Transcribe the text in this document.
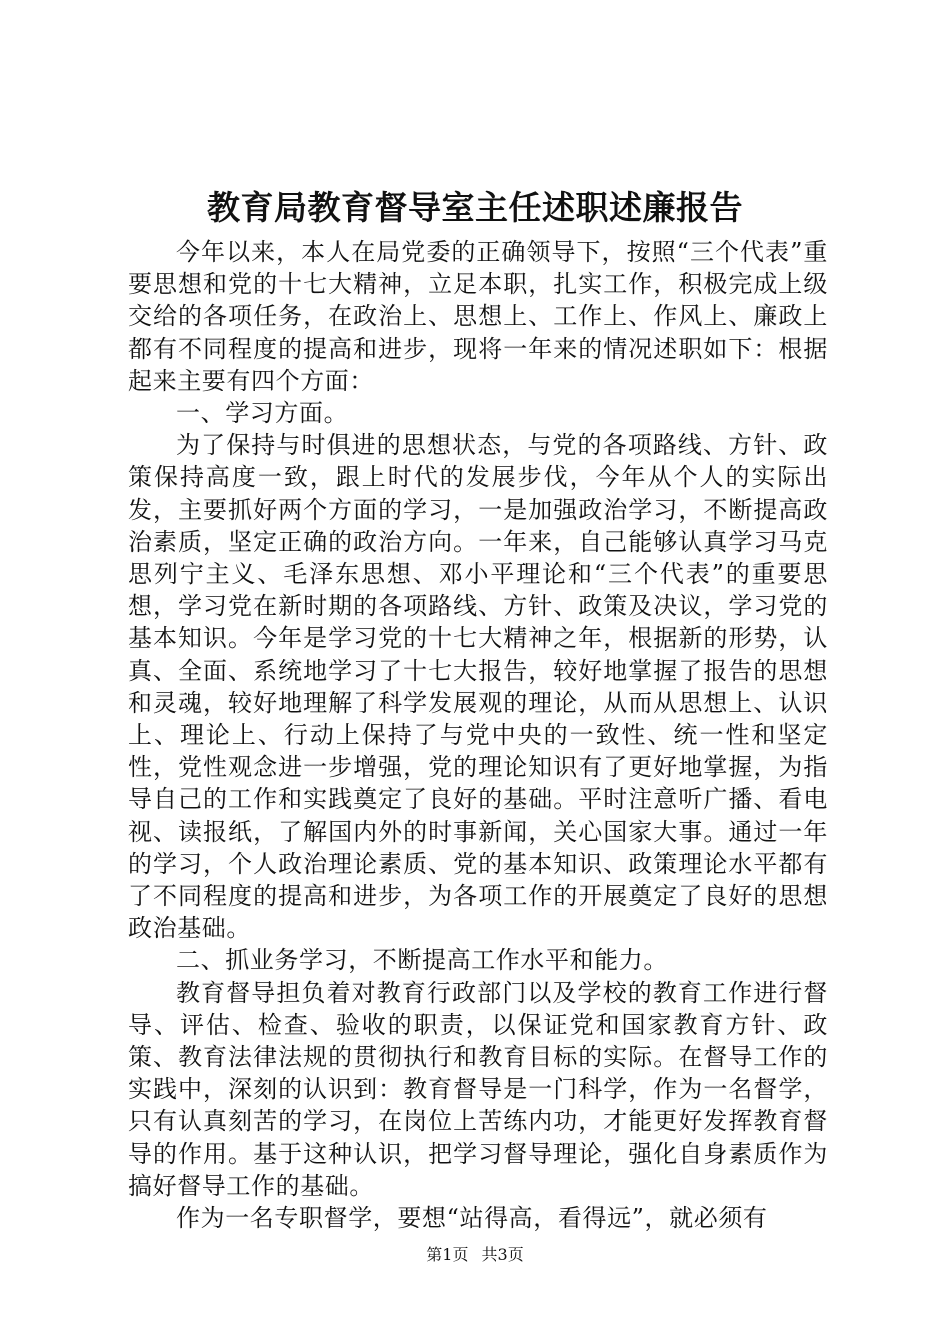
教育局教育督导室主任述职述廉报告

今年以来，本人在局党委的正确领导下，按照“三个代表”重要思想和党的十七大精神，立足本职，扎实工作，积极完成上级交给的各项任务，在政治上、思想上、工作上、作风上、廉政上都有不同程度的提高和进步，现将一年来的情况述职如下：根据起来主要有四个方面：

一、学习方面。

为了保持与时俱进的思想状态，与党的各项路线、方针、政策保持高度一致，跟上时代的发展步伐，今年从个人的实际出发，主要抓好两个方面的学习，一是加强政治学习，不断提高政治素质，坚定正确的政治方向。一年来，自己能够认真学习马克思列宁主义、毛泽东思想、邓小平理论和“三个代表”的重要思想，学习党在新时期的各项路线、方针、政策及决议，学习党的基本知识。今年是学习党的十七大精神之年，根据新的形势，认真、全面、系统地学习了十七大报告，较好地掌握了报告的思想和灵魂，较好地理解了科学发展观的理论，从而从思想上、认识上、理论上、行动上保持了与党中央的一致性、统一性和坚定性，党性观念进一步增强，党的理论知识有了更好地掌握，为指导自己的工作和实践奠定了良好的基础。平时注意听广播、看电视、读报纸，了解国内外的时事新闻，关心国家大事。通过一年的学习，个人政治理论素质、党的基本知识、政策理论水平都有了不同程度的提高和进步，为各项工作的开展奠定了良好的思想政治基础。

二、抓业务学习，不断提高工作水平和能力。

教育督导担负着对教育行政部门以及学校的教育工作进行督导、评估、检查、验收的职责，以保证党和国家教育方针、政策、教育法律法规的贯彻执行和教育目标的实际。在督导工作的实践中，深刻的认识到：教育督导是一门科学，作为一名督学，只有认真刻苦的学习，在岗位上苦练内功，才能更好发挥教育督导的作用。基于这种认识，把学习督导理论，强化自身素质作为搞好督导工作的基础。

作为一名专职督学，要想“站得高，看得远”，就必须有

第1页 共3页
